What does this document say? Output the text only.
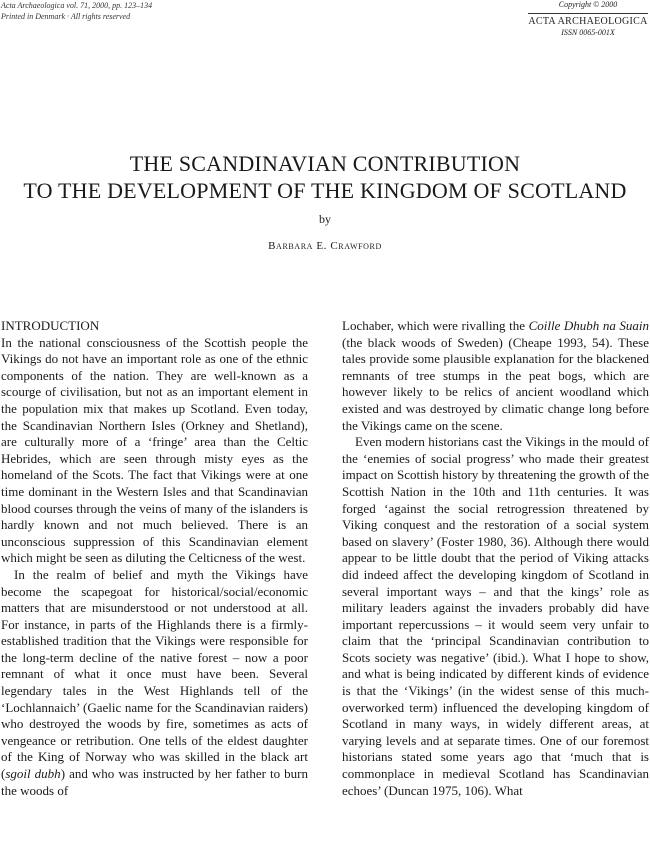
Acta Archaeologica vol. 71, 2000, pp. 123–134
Printed in Denmark · All rights reserved
Copyright © 2000
ACTA ARCHAEOLOGICA
ISSN 0065-001X
THE SCANDINAVIAN CONTRIBUTION
TO THE DEVELOPMENT OF THE KINGDOM OF SCOTLAND
by
Barbara E. Crawford
INTRODUCTION

In the national consciousness of the Scottish people the Vikings do not have an important role as one of the ethnic components of the nation. They are well-known as a scourge of civilisation, but not as an important element in the population mix that makes up Scotland. Even today, the Scandinavian Northern Isles (Orkney and Shetland), are culturally more of a ‘fringe’ area than the Celtic Hebrides, which are seen through misty eyes as the homeland of the Scots. The fact that Vikings were at one time dominant in the Western Isles and that Scandinavian blood courses through the veins of many of the islanders is hardly known and not much believed. There is an unconscious suppression of this Scandinavian element which might be seen as diluting the Celticness of the west.

In the realm of belief and myth the Vikings have become the scapegoat for historical/social/economic matters that are misunderstood or not understood at all. For instance, in parts of the Highlands there is a firmly-established tradition that the Vikings were responsible for the long-term decline of the native forest – now a poor remnant of what it once must have been. Several legendary tales in the West Highlands tell of the ‘Lochlannaich’ (Gaelic name for the Scandinavian raiders) who destroyed the woods by fire, sometimes as acts of vengeance or retribution. One tells of the eldest daughter of the King of Norway who was skilled in the black art (sgoil dubh) and who was instructed by her father to burn the woods of

Lochaber, which were rivalling the Coille Dhubh na Suain (the black woods of Sweden) (Cheape 1993, 54). These tales provide some plausible explanation for the blackened remnants of tree stumps in the peat bogs, which are however likely to be relics of ancient woodland which existed and was destroyed by climatic change long before the Vikings came on the scene.

Even modern historians cast the Vikings in the mould of the ‘enemies of social progress’ who made their greatest impact on Scottish history by threatening the growth of the Scottish Nation in the 10th and 11th centuries. It was forged ‘against the social retrogression threatened by Viking conquest and the restoration of a social system based on slavery’ (Foster 1980, 36). Although there would appear to be little doubt that the period of Viking attacks did indeed affect the developing kingdom of Scotland in several important ways – and that the kings’ role as military leaders against the invaders probably did have important repercussions – it would seem very unfair to claim that the ‘principal Scandinavian contribution to Scots society was negative’ (ibid.). What I hope to show, and what is being indicated by different kinds of evidence is that the ‘Vikings’ (in the widest sense of this much-overworked term) influenced the developing kingdom of Scotland in many ways, in widely different areas, at varying levels and at separate times. One of our foremost historians stated some years ago that ‘much that is commonplace in medieval Scotland has Scandinavian echoes’ (Duncan 1975, 106). What
